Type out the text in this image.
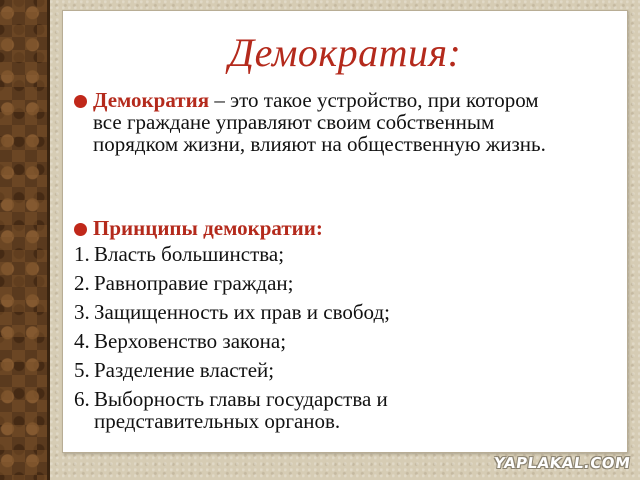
Демократия:

Демократия – это такое устройство, при котором все граждане управляют своим собственным порядком жизни, влияют на общественную жизнь.

Принципы демократии:
1. Власть большинства;
2. Равноправие граждан;
3. Защищенность их прав и свобод;
4. Верховенство закона;
5. Разделение властей;
6. Выборность главы государства и представительных органов.
YAPLAKAL.COM
